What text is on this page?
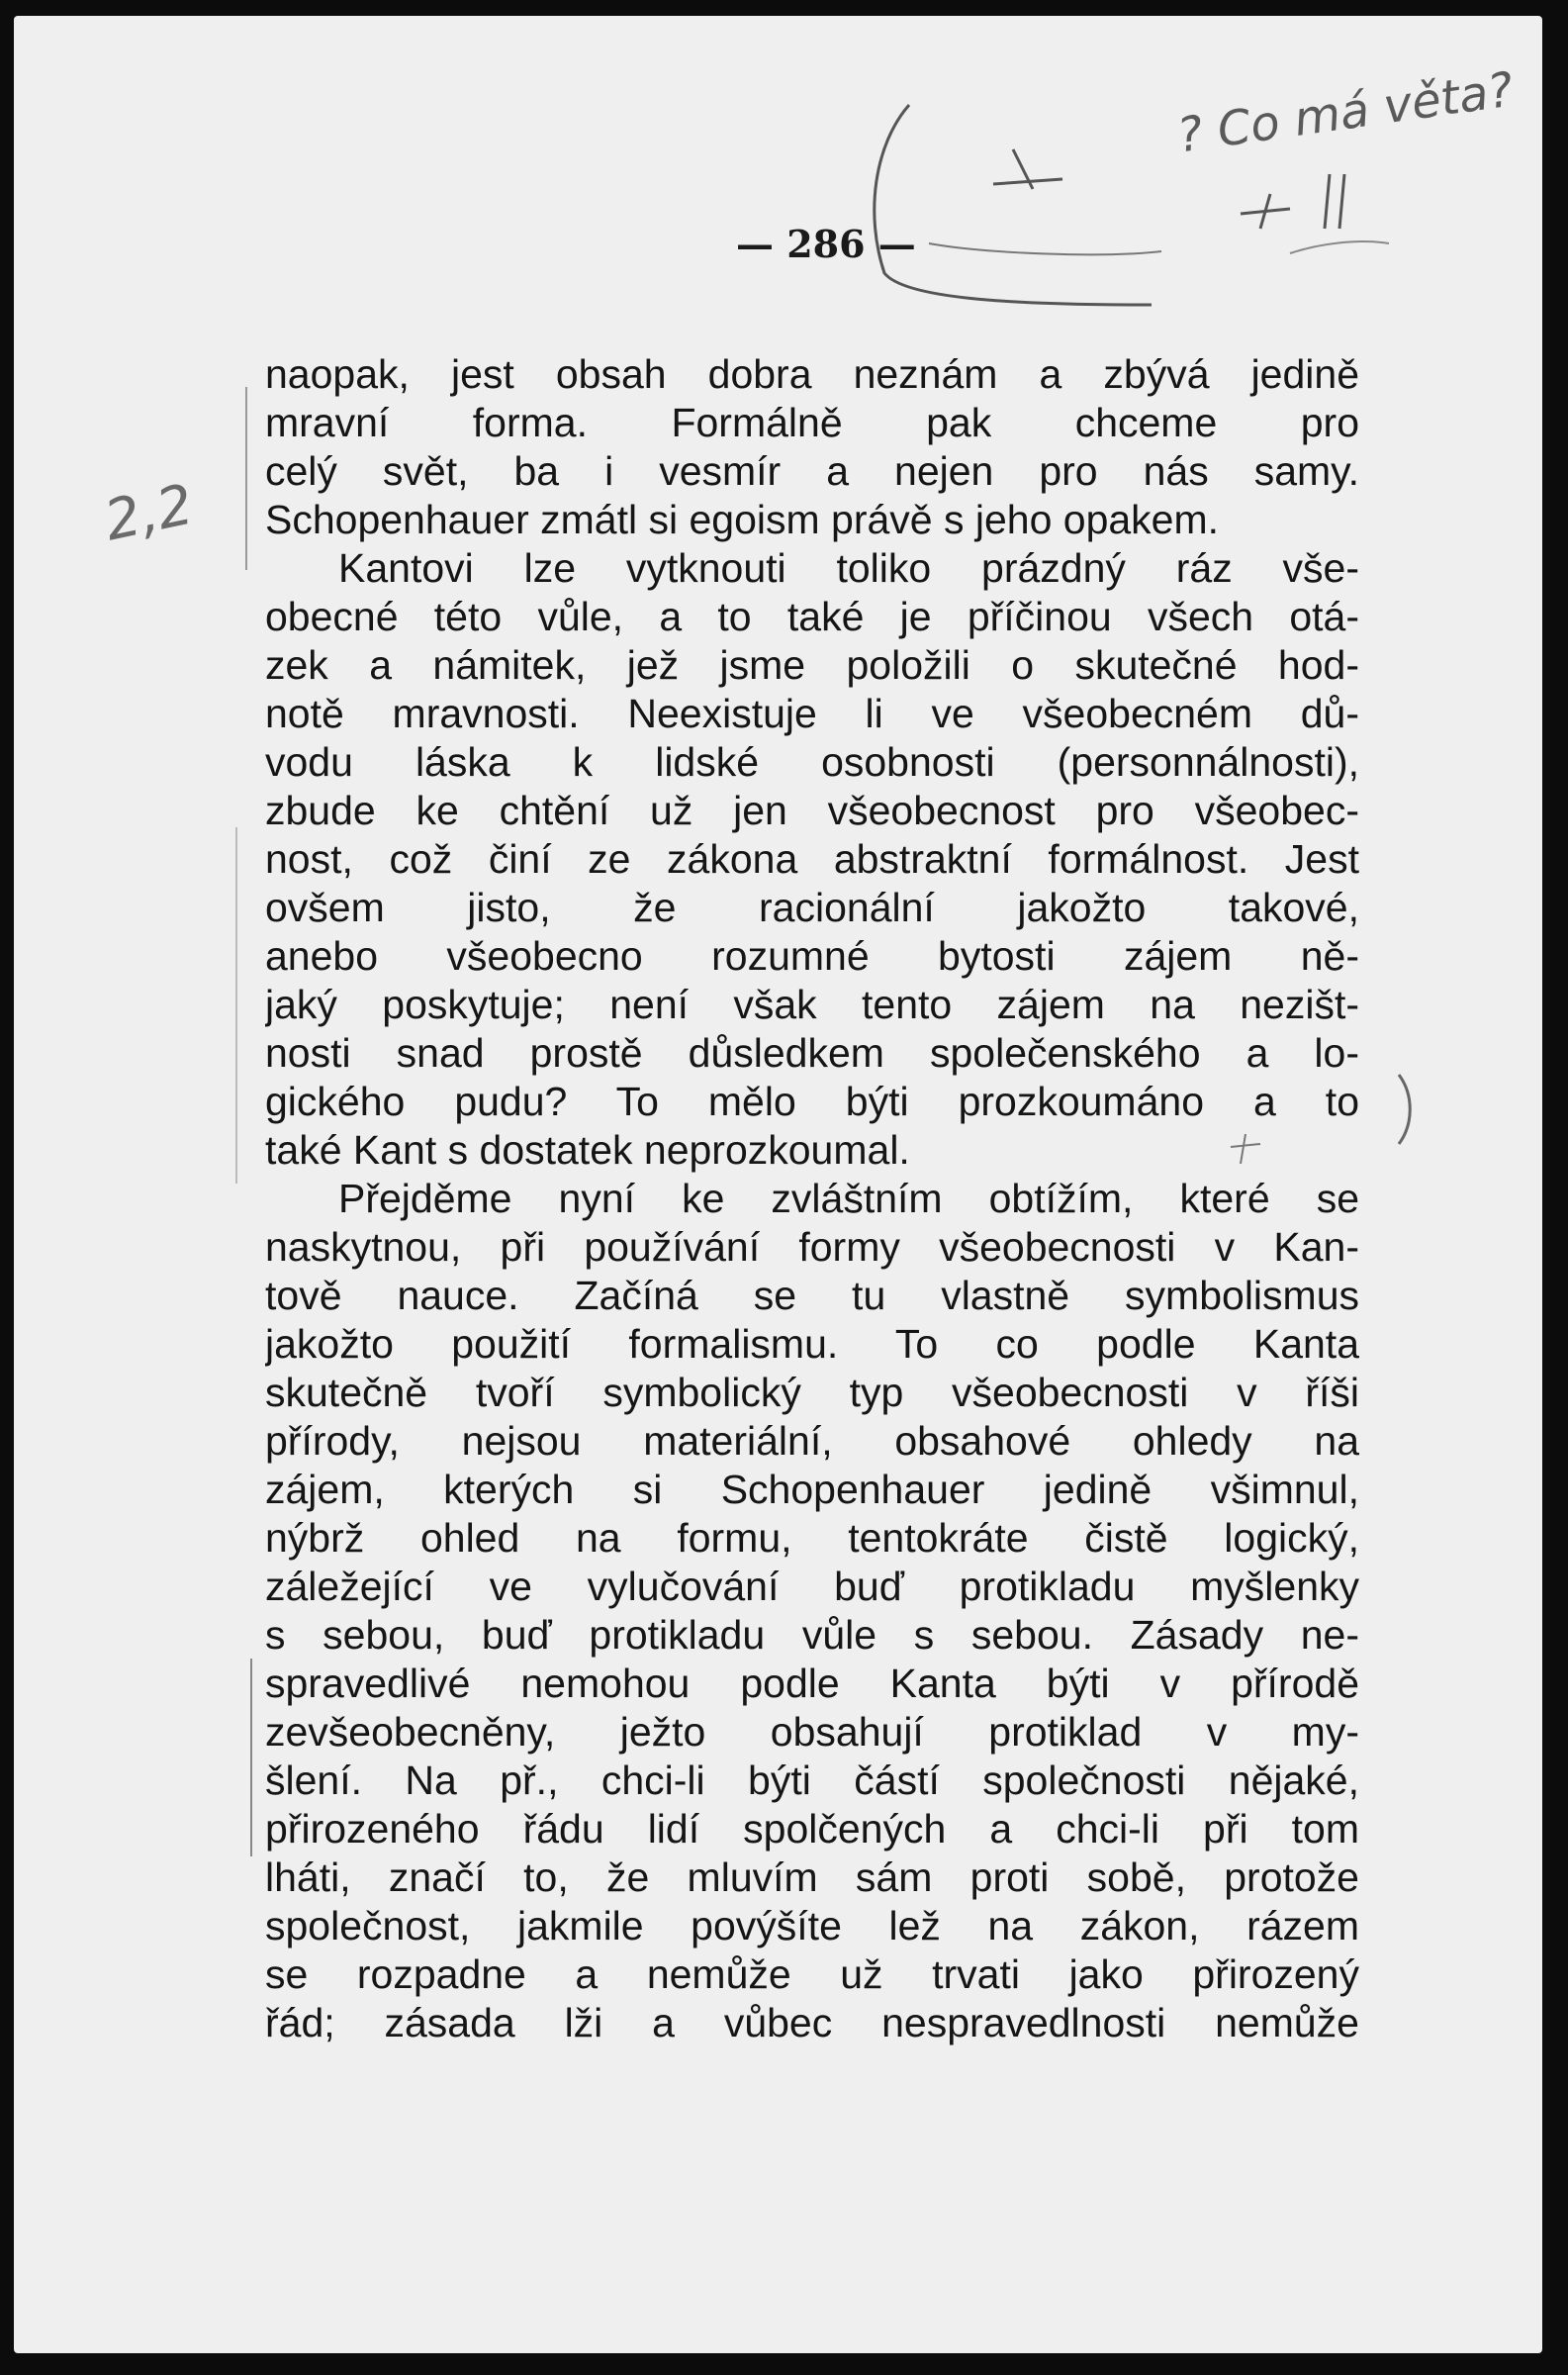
— 286 —
? Co má věta?
2,2
naopak, jest obsah dobra neznám a zbývá jedině
mravní forma. Formálně pak chceme pro
celý svět, ba i vesmír a nejen pro nás samy.
Schopenhauer zmátl si egoism právě s jeho opakem.
Kantovi lze vytknouti toliko prázdný ráz vše-
obecné této vůle, a to také je příčinou všech otá-
zek a námitek, jež jsme položili o skutečné hod-
notě mravnosti. Neexistuje li ve všeobecném dů-
vodu láska k lidské osobnosti (personnálnosti),
zbude ke chtění už jen všeobecnost pro všeobec-
nost, což činí ze zákona abstraktní formálnost. Jest
ovšem jisto, že racionální jakožto takové,
anebo všeobecno rozumné bytosti zájem ně-
jaký poskytuje; není však tento zájem na nezišt-
nosti snad prostě důsledkem společenského a lo-
gického pudu? To mělo býti prozkoumáno a to
také Kant s dostatek neprozkoumal.
Přejděme nyní ke zvláštním obtížím, které se
naskytnou, při používání formy všeobecnosti v Kan-
tově nauce. Začíná se tu vlastně symbolismus
jakožto použití formalismu. To co podle Kanta
skutečně tvoří symbolický typ všeobecnosti v říši
přírody, nejsou materiální, obsahové ohledy na
zájem, kterých si Schopenhauer jedině všimnul,
nýbrž ohled na formu, tentokráte čistě logický,
záležející ve vylučování buď protikladu myšlenky
s sebou, buď protikladu vůle s sebou. Zásady ne-
spravedlivé nemohou podle Kanta býti v přírodě
zevšeobecněny, ježto obsahují protiklad v my-
šlení. Na př., chci-li býti částí společnosti nějaké,
přirozeného řádu lidí spolčených a chci-li při tom
lháti, značí to, že mluvím sám proti sobě, protože
společnost, jakmile povýšíte lež na zákon, rázem
se rozpadne a nemůže už trvati jako přirozený
řád; zásada lži a vůbec nespravedlnosti nemůže
